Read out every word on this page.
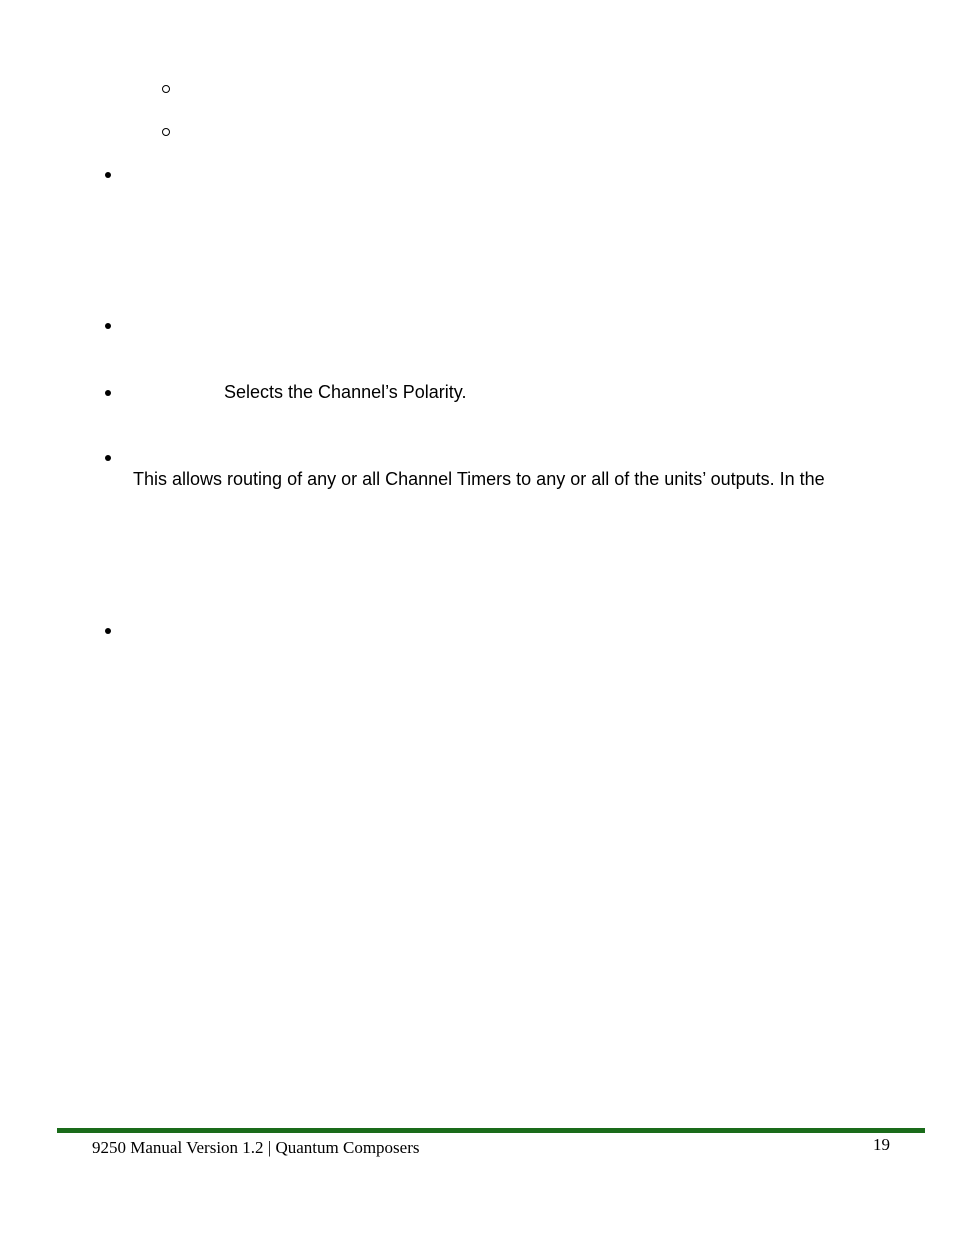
Selects the Channel’s Polarity.
This allows routing of any or all Channel Timers to any or all of the units’ outputs. In the
9250 Manual Version 1.2 | Quantum Composers	19
